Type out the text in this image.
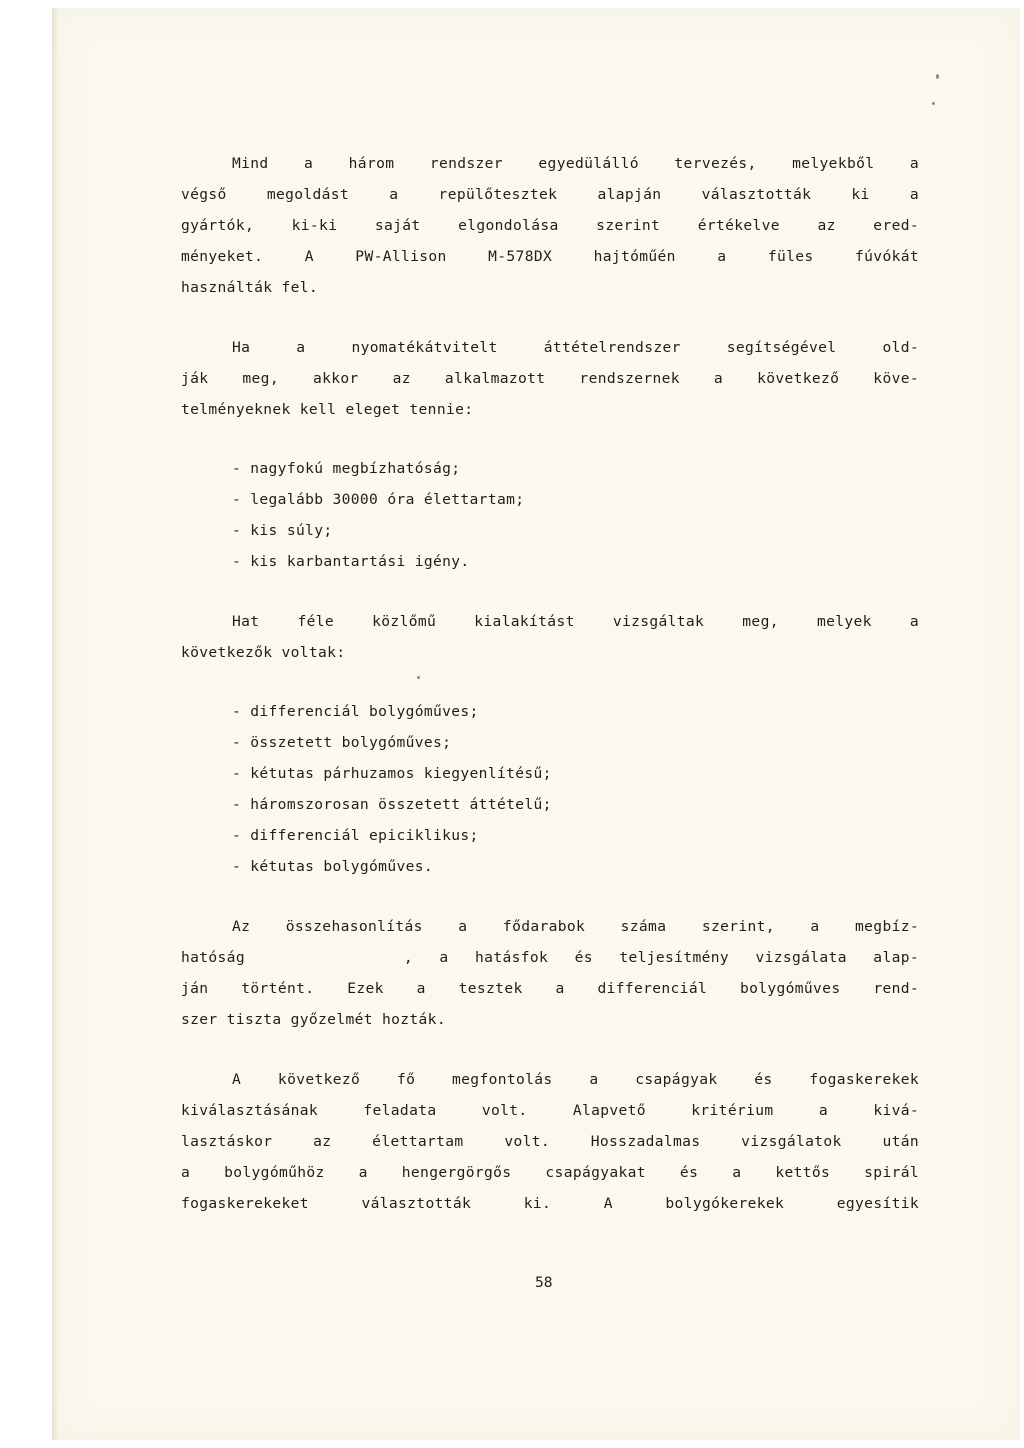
Mind a három rendszer egyedülálló tervezés, melyekből a
végső megoldást a repülőtesztek alapján választották ki a
gyártók, ki-ki saját elgondolása szerint értékelve az ered-
ményeket. A PW-Allison M-578DX hajtóműén a füles fúvókát
használták fel.
Ha a nyomatékátvitelt áttételrendszer segítségével old-
ják meg, akkor az alkalmazott rendszernek a következő köve-
telményeknek kell eleget tennie:
- nagyfokú megbízhatóság;
- legalább 30000 óra élettartam;
- kis súly;
- kis karbantartási igény.
Hat féle közlőmű kialakítást vizsgáltak meg, melyek a
következők voltak:
- differenciál bolygóműves;
- összetett bolygóműves;
- kétutas párhuzamos kiegyenlítésű;
- háromszorosan összetett áttételű;
- differenciál epiciklikus;
- kétutas bolygóműves.
Az összehasonlítás a fődarabok száma szerint, a megbíz-
hatóság      , a hatásfok és teljesítmény vizsgálata alap-
ján történt. Ezek a tesztek a differenciál bolygóműves rend-
szer tiszta győzelmét hozták.
A következő fő megfontolás a csapágyak és fogaskerekek
kiválasztásának feladata volt. Alapvető kritérium a kivá-
lasztáskor az élettartam volt. Hosszadalmas vizsgálatok után
a bolygóműhöz a hengergörgős csapágyakat és a kettős spirál
fogaskerekeket választották ki. A bolygókerekek egyesítik
58
